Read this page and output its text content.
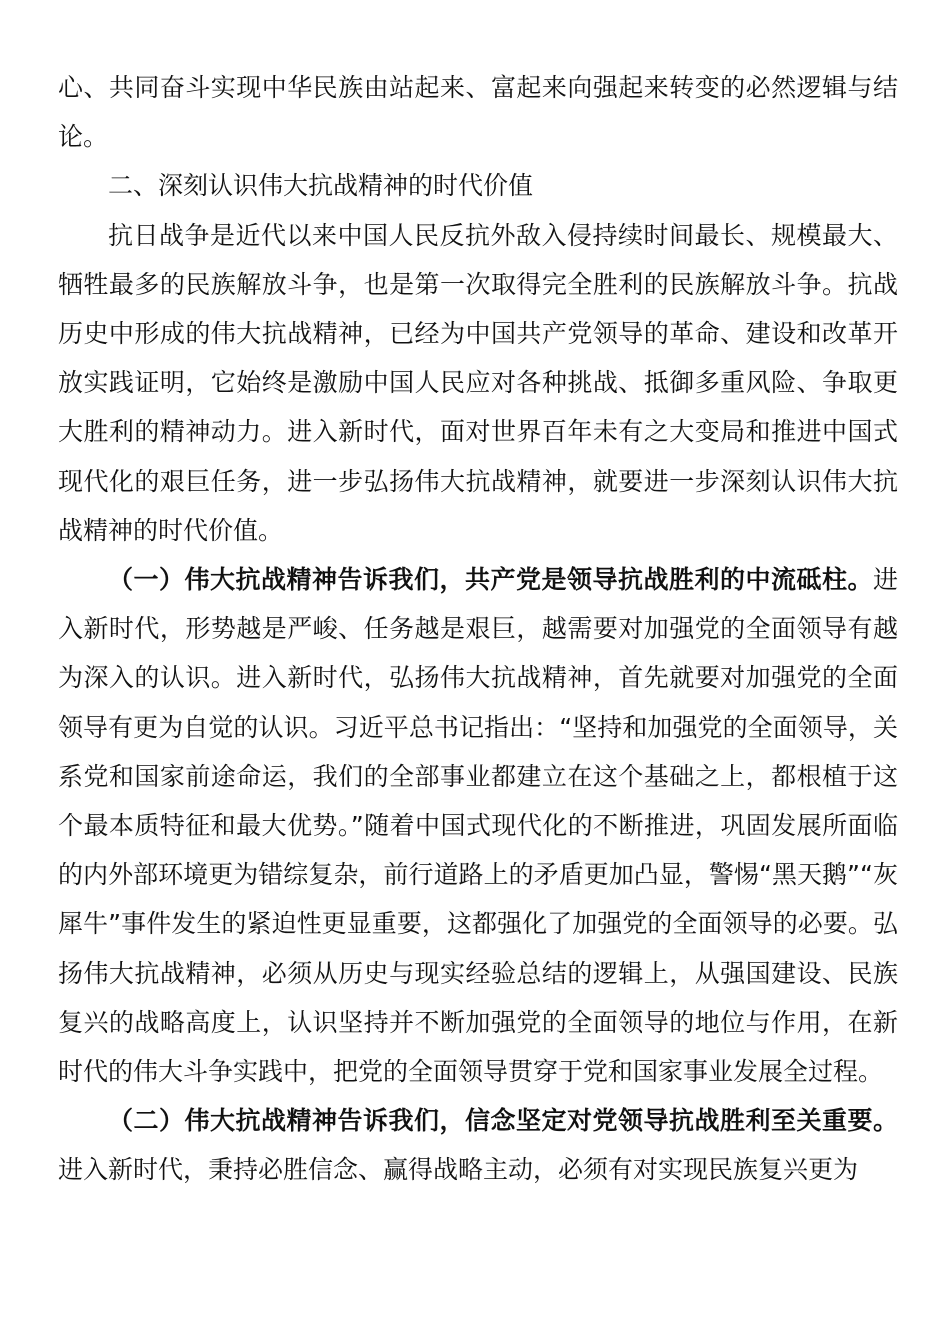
心、共同奋斗实现中华民族由站起来、富起来向强起来转变的必然逻辑与结论。

二、深刻认识伟大抗战精神的时代价值

抗日战争是近代以来中国人民反抗外敌入侵持续时间最长、规模最大、牺牲最多的民族解放斗争，也是第一次取得完全胜利的民族解放斗争。抗战历史中形成的伟大抗战精神，已经为中国共产党领导的革命、建设和改革开放实践证明，它始终是激励中国人民应对各种挑战、抵御多重风险、争取更大胜利的精神动力。进入新时代，面对世界百年未有之大变局和推进中国式现代化的艰巨任务，进一步弘扬伟大抗战精神，就要进一步深刻认识伟大抗战精神的时代价值。

（一）伟大抗战精神告诉我们，共产党是领导抗战胜利的中流砥柱。进入新时代，形势越是严峻、任务越是艰巨，越需要对加强党的全面领导有越为深入的认识。进入新时代，弘扬伟大抗战精神，首先就要对加强党的全面领导有更为自觉的认识。习近平总书记指出：“坚持和加强党的全面领导，关系党和国家前途命运，我们的全部事业都建立在这个基础之上，都根植于这个最本质特征和最大优势。”随着中国式现代化的不断推进，巩固发展所面临的内外部环境更为错综复杂，前行道路上的矛盾更加凸显，警惕“黑天鹅”“灰犀牛”事件发生的紧迫性更显重要，这都强化了加强党的全面领导的必要。弘扬伟大抗战精神，必须从历史与现实经验总结的逻辑上，从强国建设、民族复兴的战略高度上，认识坚持并不断加强党的全面领导的地位与作用，在新时代的伟大斗争实践中，把党的全面领导贯穿于党和国家事业发展全过程。

（二）伟大抗战精神告诉我们，信念坚定对党领导抗战胜利至关重要。进入新时代，秉持必胜信念、赢得战略主动，必须有对实现民族复兴更为
